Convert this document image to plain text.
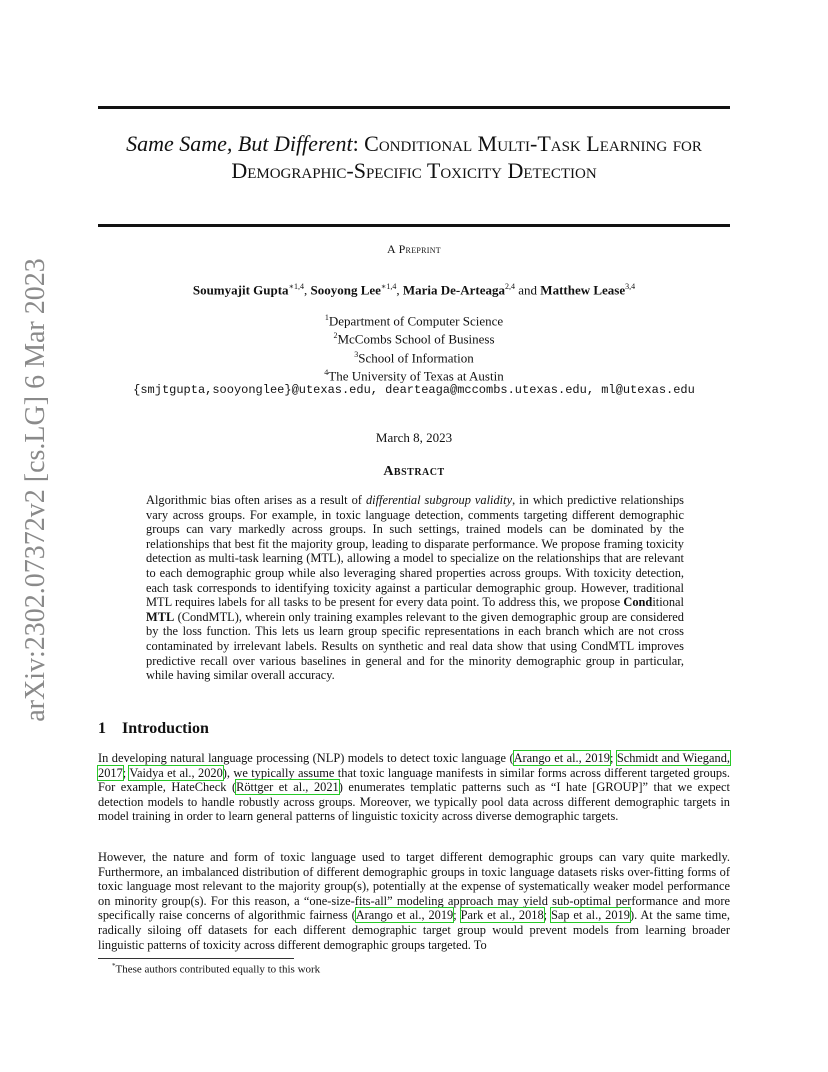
arXiv:2302.07372v2 [cs.LG] 6 Mar 2023
Same Same, But Different: Conditional Multi-Task Learning for Demographic-Specific Toxicity Detection
A Preprint
Soumyajit Gupta$^{∗1,4}$, Sooyong Lee$^{∗1,4}$, Maria De-Arteaga$^{2,4}$ and Matthew Lease$^{3,4}$
$^1$Department of Computer Science
$^2$McCombs School of Business
$^3$School of Information
$^4$The University of Texas at Austin
{smjtgupta,sooyonglee}@utexas.edu, dearteaga@mccombs.utexas.edu, ml@utexas.edu
March 8, 2023
Abstract
Algorithmic bias often arises as a result of differential subgroup validity, in which predictive relationships vary across groups. For example, in toxic language detection, comments targeting different demographic groups can vary markedly across groups. In such settings, trained models can be dominated by the relationships that best fit the majority group, leading to disparate performance. We propose framing toxicity detection as multi-task learning (MTL), allowing a model to specialize on the relationships that are relevant to each demographic group while also leveraging shared properties across groups. With toxicity detection, each task corresponds to identifying toxicity against a particular demographic group. However, traditional MTL requires labels for all tasks to be present for every data point. To address this, we propose Conditional MTL (CondMTL), wherein only training examples relevant to the given demographic group are considered by the loss function. This lets us learn group specific representations in each branch which are not cross contaminated by irrelevant labels. Results on synthetic and real data show that using CondMTL improves predictive recall over various baselines in general and for the minority demographic group in particular, while having similar overall accuracy.
1 Introduction
In developing natural language processing (NLP) models to detect toxic language (Arango et al., 2019; Schmidt and Wiegand, 2017; Vaidya et al., 2020), we typically assume that toxic language manifests in similar forms across different targeted groups. For example, HateCheck (Röttger et al., 2021) enumerates templatic patterns such as “I hate [GROUP]” that we expect detection models to handle robustly across groups. Moreover, we typically pool data across different demographic targets in model training in order to learn general patterns of linguistic toxicity across diverse demographic targets.
However, the nature and form of toxic language used to target different demographic groups can vary quite markedly. Furthermore, an imbalanced distribution of different demographic groups in toxic language datasets risks over-fitting forms of toxic language most relevant to the majority group(s), potentially at the expense of systematically weaker model performance on minority group(s). For this reason, a “one-size-fits-all” modeling approach may yield sub-optimal performance and more specifically raise concerns of algorithmic fairness (Arango et al., 2019; Park et al., 2018; Sap et al., 2019). At the same time, radically siloing off datasets for each different demographic target group would prevent models from learning broader linguistic patterns of toxicity across different demographic groups targeted. To
*These authors contributed equally to this work
